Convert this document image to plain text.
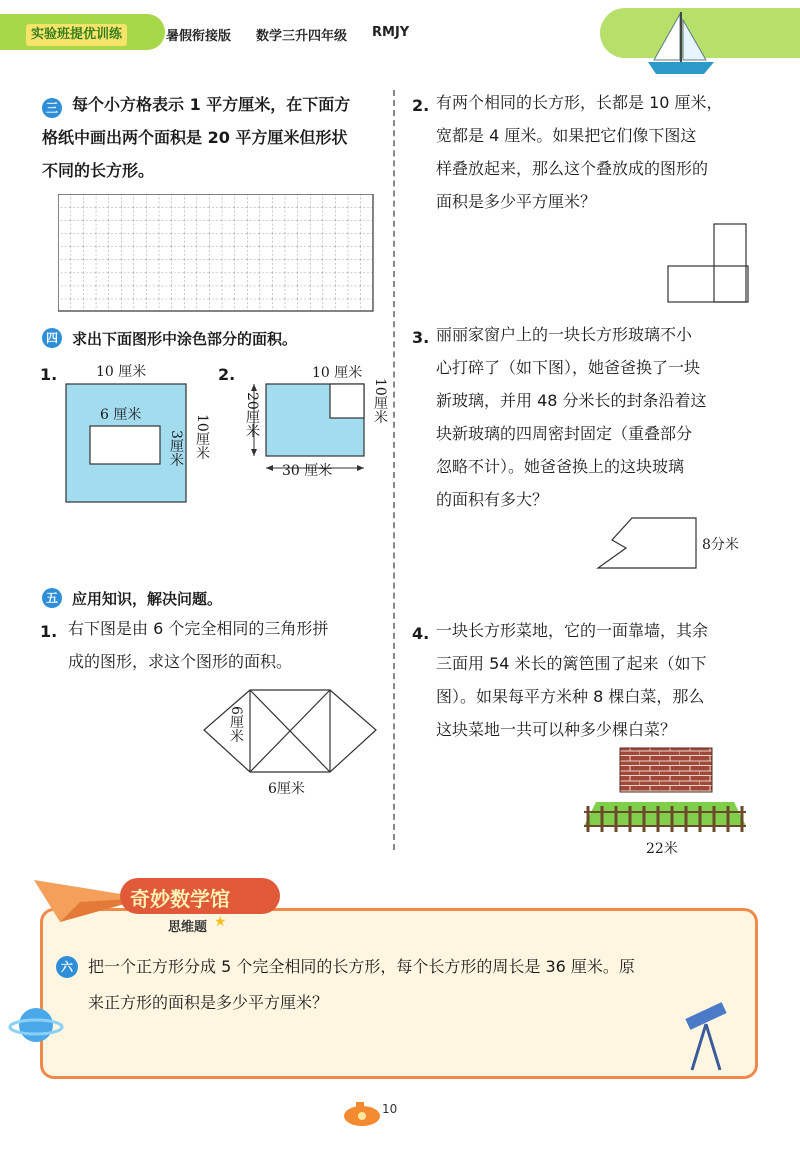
实验班提优训练	暑假衔接版 数学三升四年级 RMJY
三 每个小方格表示 1 平方厘米，在下面方
格纸中画出两个面积是 20 平方厘米但形状
不同的长方形。
四 求出下面图形中涂色部分的面积。
1.	10 厘米
6 厘米
3厘米 10厘米
2.	10 厘米
20厘米	10厘米
30 厘米
五 应用知识，解决问题。
1. 右下图是由 6 个完全相同的三角形拼
成的图形，求这个图形的面积。
6厘米
6厘米
2. 有两个相同的长方形，长都是 10 厘米，
宽都是 4 厘米。如果把它们像下图这
样叠放起来，那么这个叠放成的图形的
面积是多少平方厘米？
3. 丽丽家窗户上的一块长方形玻璃不小
心打碎了（如下图），她爸爸换了一块
新玻璃，并用 48 分米长的封条沿着这
块新玻璃的四周密封固定（重叠部分
忽略不计）。她爸爸换上的这块玻璃
的面积有多大？
8分米
4. 一块长方形菜地，它的一面靠墙，其余
三面用 54 米长的篱笆围了起来（如下
图）。如果每平方米种 8 棵白菜，那么
这块菜地一共可以种多少棵白菜？
22米
奇妙数学馆
思维题 ★
六 把一个正方形分成 5 个完全相同的长方形，每个长方形的周长是 36 厘米。原
来正方形的面积是多少平方厘米？
10
